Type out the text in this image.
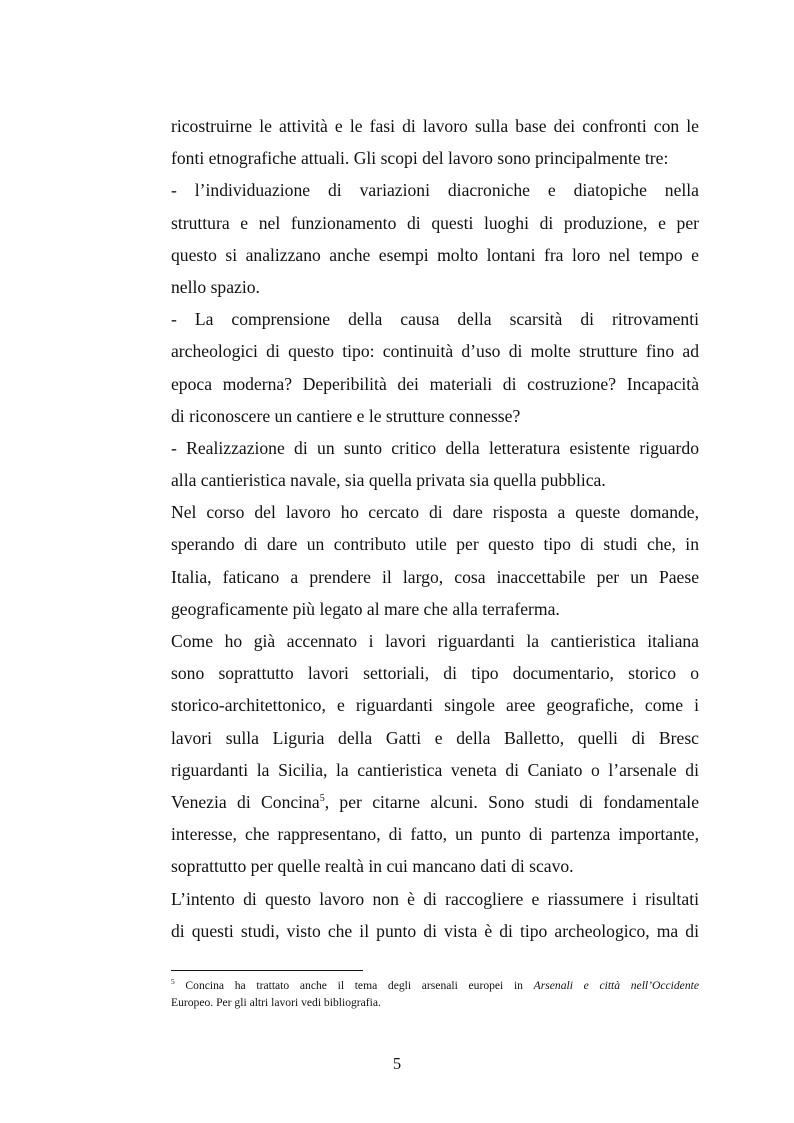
ricostruirne le attività e le fasi di lavoro sulla base dei confronti con le
fonti etnografiche attuali. Gli scopi del lavoro sono principalmente tre:
- l’individuazione di variazioni diacroniche e diatopiche nella
struttura e nel funzionamento di questi luoghi di produzione, e per
questo si analizzano anche esempi molto lontani fra loro nel tempo e
nello spazio.
- La comprensione della causa della scarsità di ritrovamenti
archeologici di questo tipo: continuità d’uso di molte strutture fino ad
epoca moderna? Deperibilità dei materiali di costruzione? Incapacità
di riconoscere un cantiere e le strutture connesse?
- Realizzazione di un sunto critico della letteratura esistente riguardo
alla cantieristica navale, sia quella privata sia quella pubblica.
Nel corso del lavoro ho cercato di dare risposta a queste domande,
sperando di dare un contributo utile per questo tipo di studi che, in
Italia, faticano a prendere il largo, cosa inaccettabile per un Paese
geograficamente più legato al mare che alla terraferma.
Come ho già accennato i lavori riguardanti la cantieristica italiana
sono soprattutto lavori settoriali, di tipo documentario, storico o
storico-architettonico, e riguardanti singole aree geografiche, come i
lavori sulla Liguria della Gatti e della Balletto, quelli di Bresc
riguardanti la Sicilia, la cantieristica veneta di Caniato o l’arsenale di
Venezia di Concina$^5$, per citarne alcuni. Sono studi di fondamentale
interesse, che rappresentano, di fatto, un punto di partenza importante,
soprattutto per quelle realtà in cui mancano dati di scavo.
L’intento di questo lavoro non è di raccogliere e riassumere i risultati
di questi studi, visto che il punto di vista è di tipo archeologico, ma di
$^5$ Concina ha trattato anche il tema degli arsenali europei in Arsenali e città nell’Occidente
Europeo. Per gli altri lavori vedi bibliografia.
5
